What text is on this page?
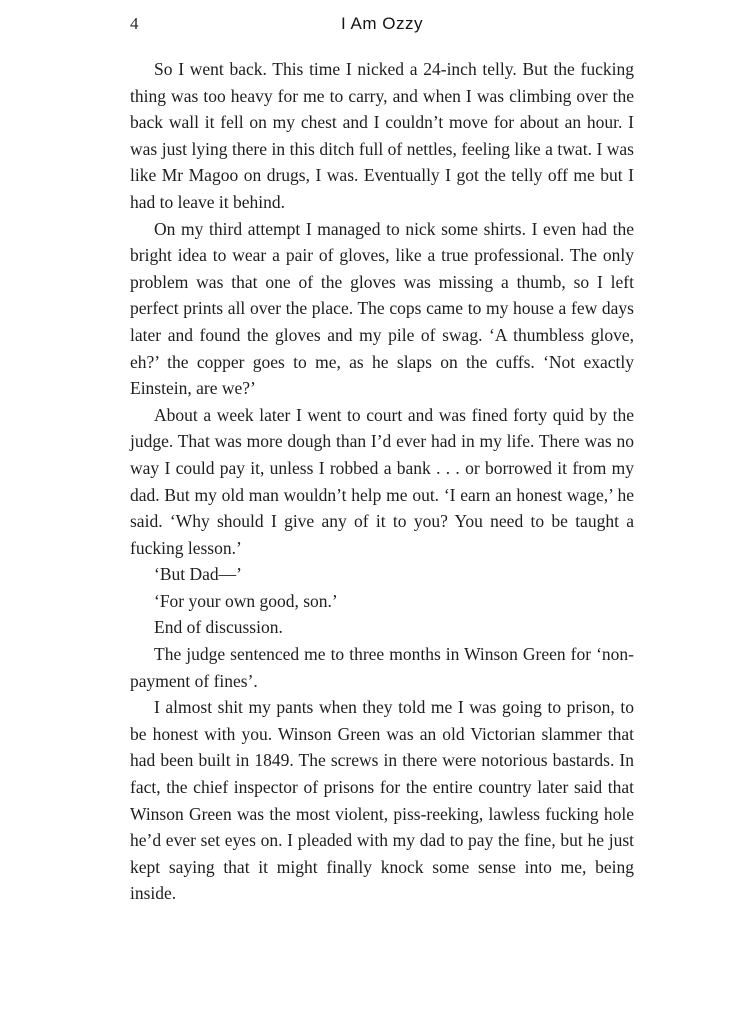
4	I Am Ozzy

So I went back. This time I nicked a 24-inch telly. But the fucking thing was too heavy for me to carry, and when I was climbing over the back wall it fell on my chest and I couldn’t move for about an hour. I was just lying there in this ditch full of nettles, feeling like a twat. I was like Mr Magoo on drugs, I was. Eventually I got the telly off me but I had to leave it behind.

On my third attempt I managed to nick some shirts. I even had the bright idea to wear a pair of gloves, like a true professional. The only problem was that one of the gloves was missing a thumb, so I left perfect prints all over the place. The cops came to my house a few days later and found the gloves and my pile of swag. ‘A thumbless glove, eh?’ the copper goes to me, as he slaps on the cuffs. ‘Not exactly Einstein, are we?’

About a week later I went to court and was fined forty quid by the judge. That was more dough than I’d ever had in my life. There was no way I could pay it, unless I robbed a bank . . . or borrowed it from my dad. But my old man wouldn’t help me out. ‘I earn an honest wage,’ he said. ‘Why should I give any of it to you? You need to be taught a fucking lesson.’

‘But Dad—’

‘For your own good, son.’

End of discussion.

The judge sentenced me to three months in Winson Green for ‘non-payment of fines’.

I almost shit my pants when they told me I was going to prison, to be honest with you. Winson Green was an old Victorian slammer that had been built in 1849. The screws in there were notorious bastards. In fact, the chief inspector of prisons for the entire country later said that Winson Green was the most violent, piss-reeking, lawless fucking hole he’d ever set eyes on. I pleaded with my dad to pay the fine, but he just kept saying that it might finally knock some sense into me, being inside.
